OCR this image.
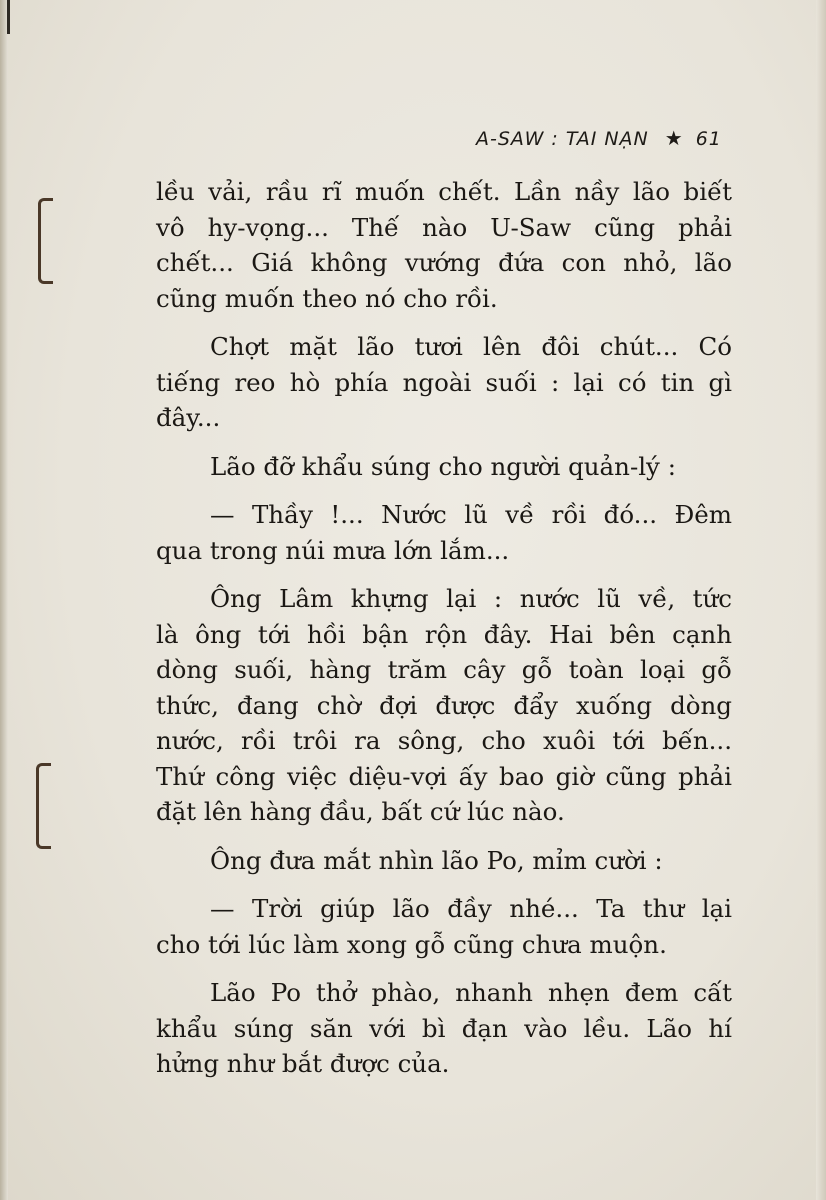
A-SAW : TAI NẠN ★ 61

lều vải, rầu rĩ muốn chết. Lần nầy lão biết
vô hy-vọng... Thế nào U-Saw cũng phải
chết... Giá không vướng đứa con nhỏ, lão
cũng muốn theo nó cho rồi.

Chợt mặt lão tươi lên đôi chút... Có
tiếng reo hò phía ngoài suối : lại có tin gì
đây...

Lão đỡ khẩu súng cho người quản-lý :

— Thầy !... Nước lũ về rồi đó... Đêm
qua trong núi mưa lớn lắm...

Ông Lâm khựng lại : nước lũ về, tức
là ông tới hồi bận rộn đây. Hai bên cạnh
dòng suối, hàng trăm cây gỗ toàn loại gỗ
thức, đang chờ đợi được đẩy xuống dòng
nước, rồi trôi ra sông, cho xuôi tới bến...
Thứ công việc diệu-vợi ấy bao giờ cũng phải
đặt lên hàng đầu, bất cứ lúc nào.

Ông đưa mắt nhìn lão Po, mỉm cười :

— Trời giúp lão đầy nhé... Ta thư lại
cho tới lúc làm xong gỗ cũng chưa muộn.

Lão Po thở phào, nhanh nhẹn đem cất
khẩu súng săn với bì đạn vào lều. Lão hí
hửng như bắt được của.
